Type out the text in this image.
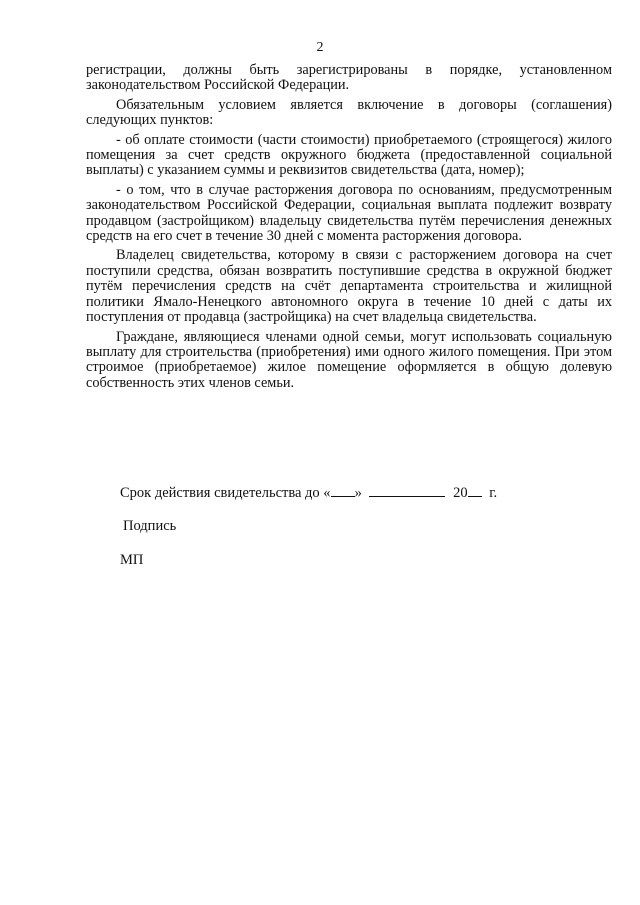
2

регистрации, должны быть зарегистрированы в порядке, установленном законодательством Российской Федерации.

Обязательным условием является включение в договоры (соглашения) следующих пунктов:

- об оплате стоимости (части стоимости) приобретаемого (строящегося) жилого помещения за счет средств окружного бюджета (предоставленной социальной выплаты) с указанием суммы и реквизитов свидетельства (дата, номер);

- о том, что в случае расторжения договора по основаниям, предусмотренным законодательством Российской Федерации, социальная выплата подлежит возврату продавцом (застройщиком) владельцу свидетельства путём перечисления денежных средств на его счет в течение 30 дней с момента расторжения договора.

Владелец свидетельства, которому в связи с расторжением договора на счет поступили средства, обязан возвратить поступившие средства в окружной бюджет путём перечисления средств на счёт департамента строительства и жилищной политики Ямало-Ненецкого автономного округа в течение 10 дней с даты их поступления от продавца (застройщика) на счет владельца свидетельства.

Граждане, являющиеся членами одной семьи, могут использовать социальную выплату для строительства (приобретения) ими одного жилого помещения. При этом строимое (приобретаемое) жилое помещение оформляется в общую долевую собственность этих членов семьи.

Срок действия свидетельства до « »	20 г.
Подпись
МП
